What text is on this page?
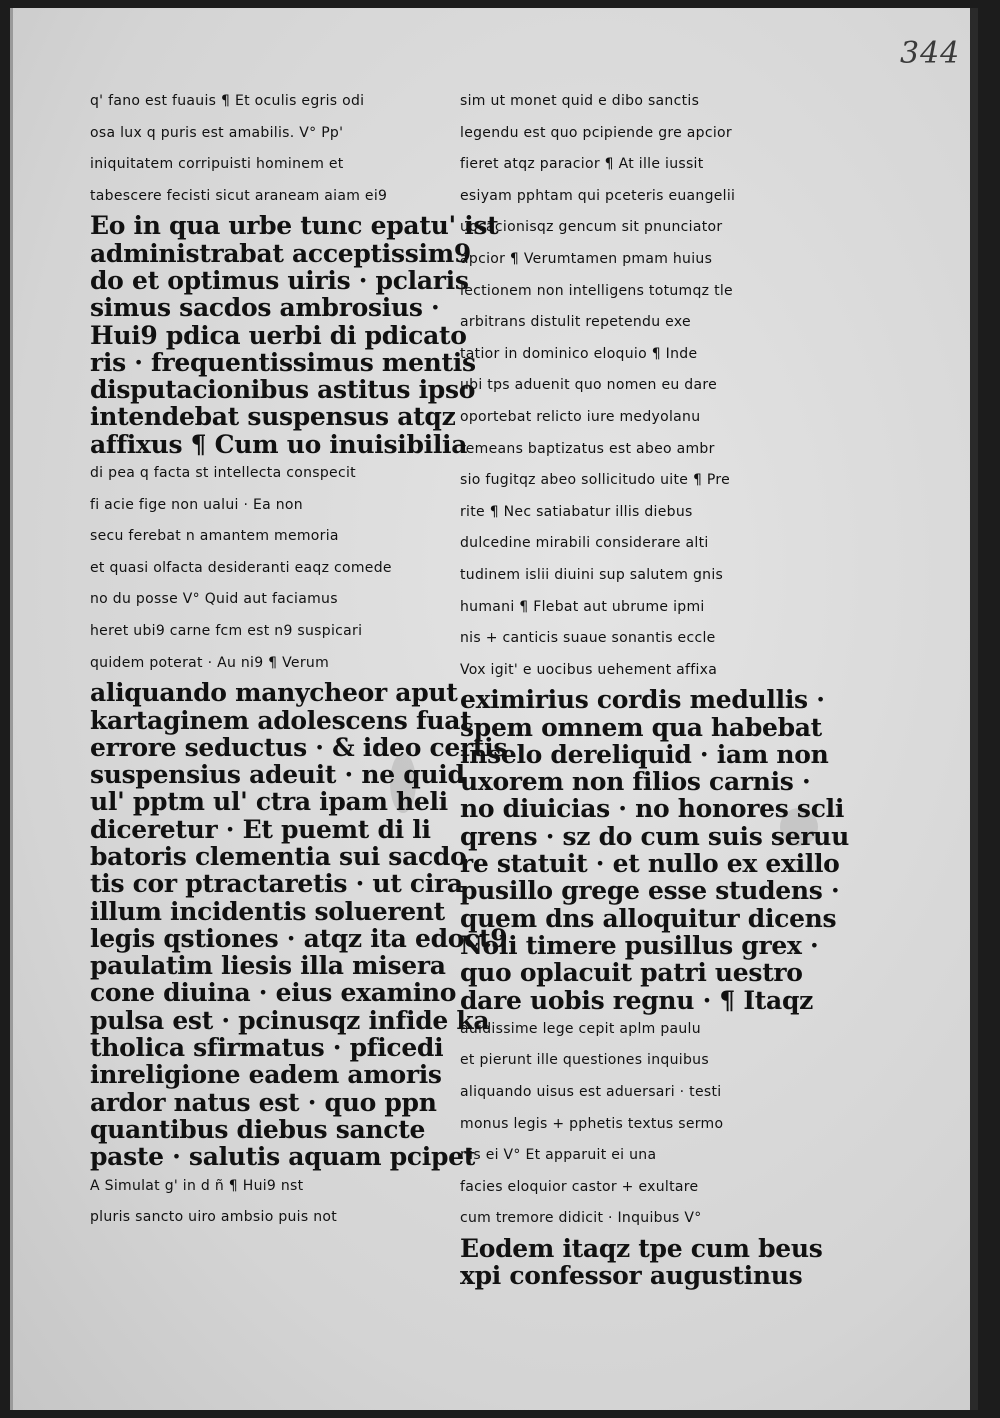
344
q' fano est fuauis ¶ Et oculis egris odi
osa lux q puris est amabilis. V° Pp'
iniquitatem corripuisti hominem et
tabescere fecisti sicut araneam aiam ei9
Eo in qua urbe tunc epatu' ist
administrabat acceptissim9
do et optimus uiris · pclaris
simus sacdos ambrosius ·
Hui9 pdica uerbi di pdicato
ris · frequentissimus mentis
disputacionibus astitus ipso
intendebat suspensus atqz
affixus ¶ Cum uo inuisibilia
di pea q facta st intellecta conspecit
fi acie fige non ualui · Ea non
secu ferebat n amantem memoria
et quasi olfacta desideranti eaqz comede
no du posse V° Quid aut faciamus
heret ubi9 carne fcm est n9 suspicari
quidem poterat · Au ni9 ¶ Verum
aliquando manycheor aput
kartaginem adolescens fuat
errore seductus · & ideo certis
suspensius adeuit · ne quid
ul' pptm ul' ctra ipam heli
diceretur · Et puemt di li
batoris clementia sui sacdo
tis cor ptractaretis · ut cira
illum incidentis soluerent
legis qstiones · atqz ita edoct9
paulatim liesis illa misera
cone diuina · eius examino
pulsa est · pcinusqz infide ka
tholica sfirmatus · pficedi
inreligione eadem amoris
ardor natus est · quo ppn
quantibus diebus sancte
paste · salutis aquam pcipet
A Simulat g' in d ñ ¶ Hui9 nst
pluris sancto uiro ambsio puis not
sim ut monet quid e dibo sanctis
legendu est quo pcipiende gre apcior
fieret atqz paracior ¶ At ille iussit
esiyam pphtam qui pceteris euangelii
uocacionisqz gencum sit pnunciator
apcior ¶ Verumtamen pmam huius
lectionem non intelligens totumqz tle
arbitrans distulit repetendu exe
tatior in dominico eloquio ¶ Inde
ubi tps aduenit quo nomen eu dare
oportebat relicto iure medyolanu
remeans baptizatus est abeo ambr
sio fugitqz abeo sollicitudo uite ¶ Pre
rite ¶ Nec satiabatur illis diebus
dulcedine mirabili considerare alti
tudinem islii diuini sup salutem gnis
humani ¶ Flebat aut ubrume ipmi
nis + canticis suaue sonantis eccle
Vox igit' e uocibus uehement affixa
eximirius cordis medullis ·
spem omnem qua habebat
inselo dereliquid · iam non
uxorem non filios carnis ·
no diuicias · no honores scli
qrens · sz do cum suis seruu
re statuit · et nullo ex exillo
pusillo grege esse studens ·
quem dns alloquitur dicens
Noli timere pusillus grex ·
quo oplacuit patri uestro
dare uobis regnu · ¶ Itaqz
auidissime lege cepit aplm paulu
et pierunt ille questiones inquibus
aliquando uisus est aduersari · testi
monus legis + pphetis textus sermo
nis ei V° Et apparuit ei una
facies eloquior castor + exultare
cum tremore didicit · Inquibus V°
Eodem itaqz tpe cum beus
xpi confessor augustinus
